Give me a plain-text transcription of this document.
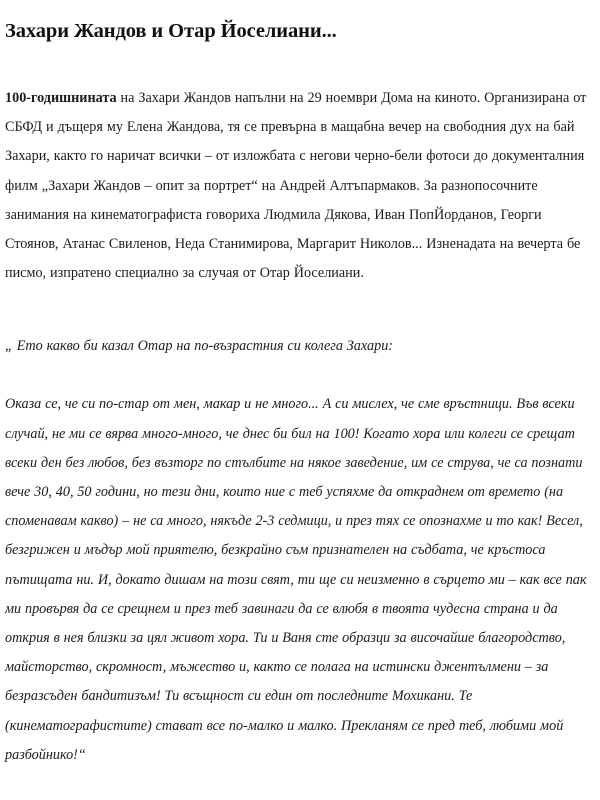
Захари Жандов и Отар Йоселиани...

100-годишнината на Захари Жандов напълни на 29 ноември Дома на киното. Организирана от СБФД и дъщеря му Елена Жандова, тя се превърна в мащабна вечер на свободния дух на бай Захари, както го наричат всички – от изложбата с негови черно-бели фотоси до документалния филм „Захари Жандов – опит за портрет“ на Андрей Алтъпармаков. За разнопосочните занимания на кинематографиста говориха Людмила Дякова, Иван ПопЙорданов, Георги Стоянов, Атанас Свиленов, Неда Станимирова, Маргарит Николов... Изненадата на вечерта бе писмо, изпратено специално за случая от Отар Йоселиани.

„ Ето какво би казал Отар на по-възрастния си колега Захари:

Оказа се, че си по-стар от мен, макар и не много... А си мислех, че сме връстници. Във всеки случай, не ми се вярва много-много, че днес би бил на 100! Когато хора или колеги се срещат всеки ден без любов, без възторг по стълбите на някое заведение, им се струва, че са познати вече 30, 40, 50 години, но тези дни, които ние с теб успяхме да откраднем от времето (на споменавам какво) – не са много, някъде 2-3 седмици, и през тях се опознахме и то как! Весел, безгрижен и мъдър мой приятелю, безкрайно съм признателен на съдбата, че кръстоса пътищата ни. И, докато дишам на този свят, ти ще си неизменно в сърцето ми – как все пак ми провървя да се срещнем и през теб завинаги да се влюбя в твоята чудесна страна и да открия в нея близки за цял живот хора. Ти и Ваня сте образци за височайше благородство, майсторство, скромност, мъжество и, както се полага на истински джентълмени – за безразсъден бандитизъм! Ти всъщност си един от последните Мохикани. Те (кинематографистите) стават все по-малко и малко. Прекланям се пред теб, любими мой разбойнико!“
